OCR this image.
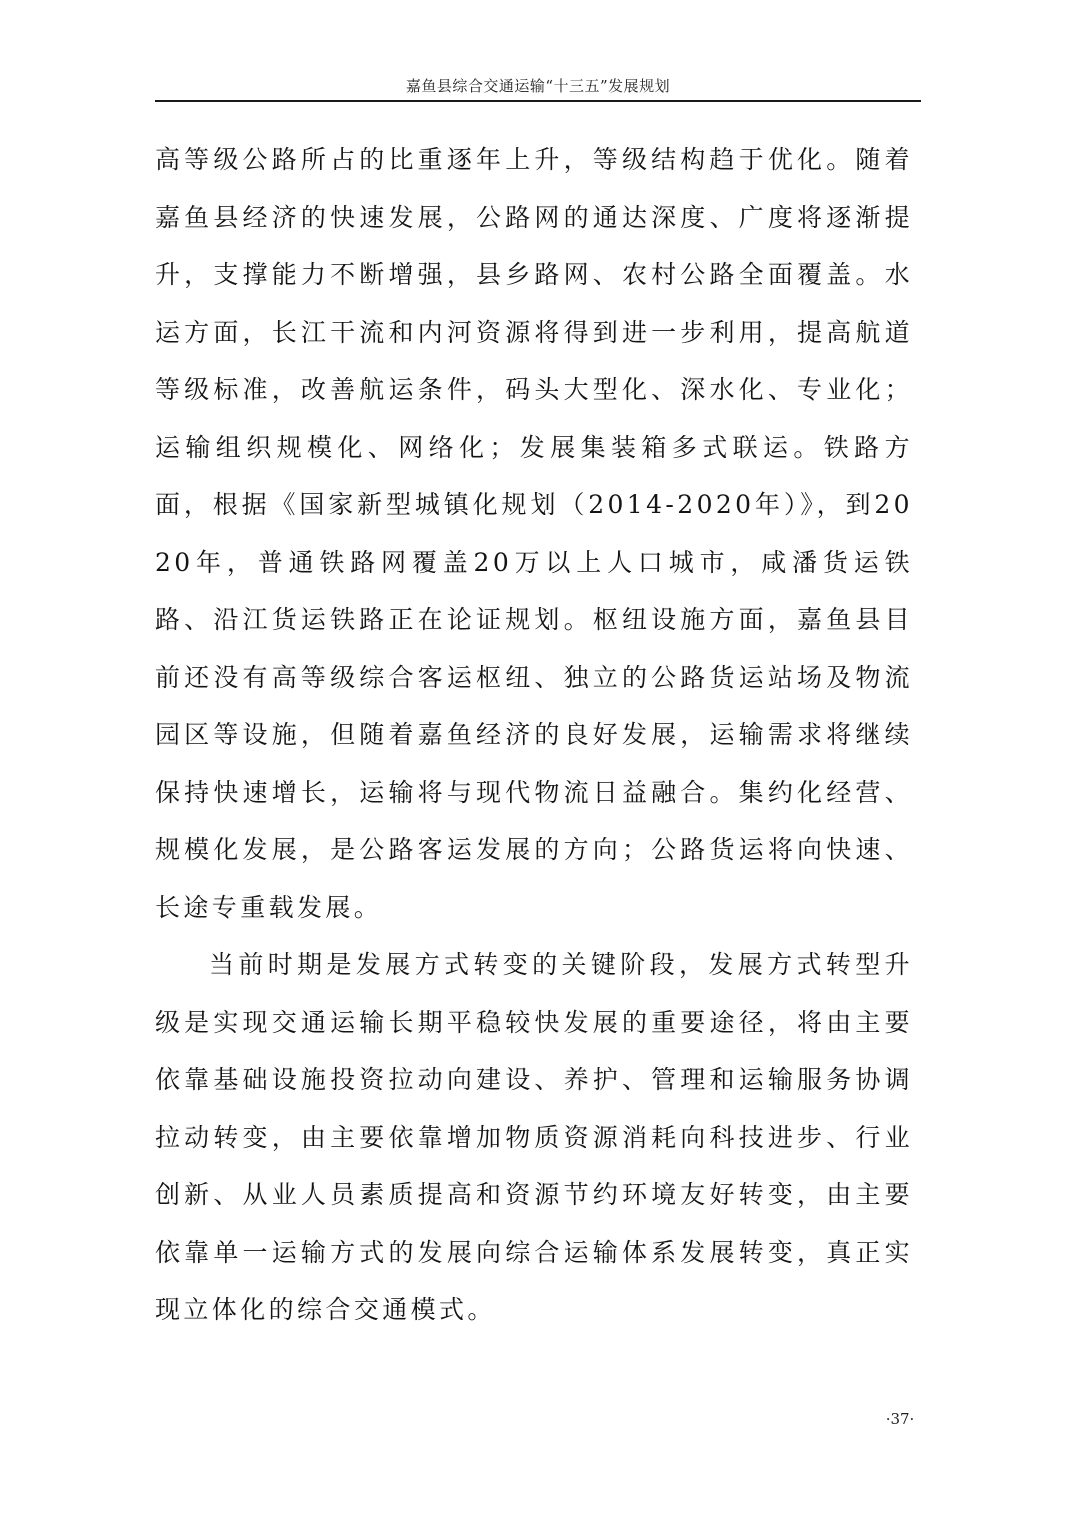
嘉鱼县综合交通运输“十三五”发展规划

高等级公路所占的比重逐年上升，等级结构趋于优化。随着嘉鱼县经济的快速发展，公路网的通达深度、广度将逐渐提升，支撑能力不断增强，县乡路网、农村公路全面覆盖。水运方面，长江干流和内河资源将得到进一步利用，提高航道等级标准，改善航运条件，码头大型化、深水化、专业化；运输组织规模化、网络化；发展集装箱多式联运。铁路方面，根据《国家新型城镇化规划（2014-2020年）》，到2020年，普通铁路网覆盖20万以上人口城市，咸潘货运铁路、沿江货运铁路正在论证规划。枢纽设施方面，嘉鱼县目前还没有高等级综合客运枢纽、独立的公路货运站场及物流园区等设施，但随着嘉鱼经济的良好发展，运输需求将继续保持快速增长，运输将与现代物流日益融合。集约化经营、规模化发展，是公路客运发展的方向；公路货运将向快速、长途专重载发展。

当前时期是发展方式转变的关键阶段，发展方式转型升级是实现交通运输长期平稳较快发展的重要途径，将由主要依靠基础设施投资拉动向建设、养护、管理和运输服务协调拉动转变，由主要依靠增加物质资源消耗向科技进步、行业创新、从业人员素质提高和资源节约环境友好转变，由主要依靠单一运输方式的发展向综合运输体系发展转变，真正实现立体化的综合交通模式。

·37·
